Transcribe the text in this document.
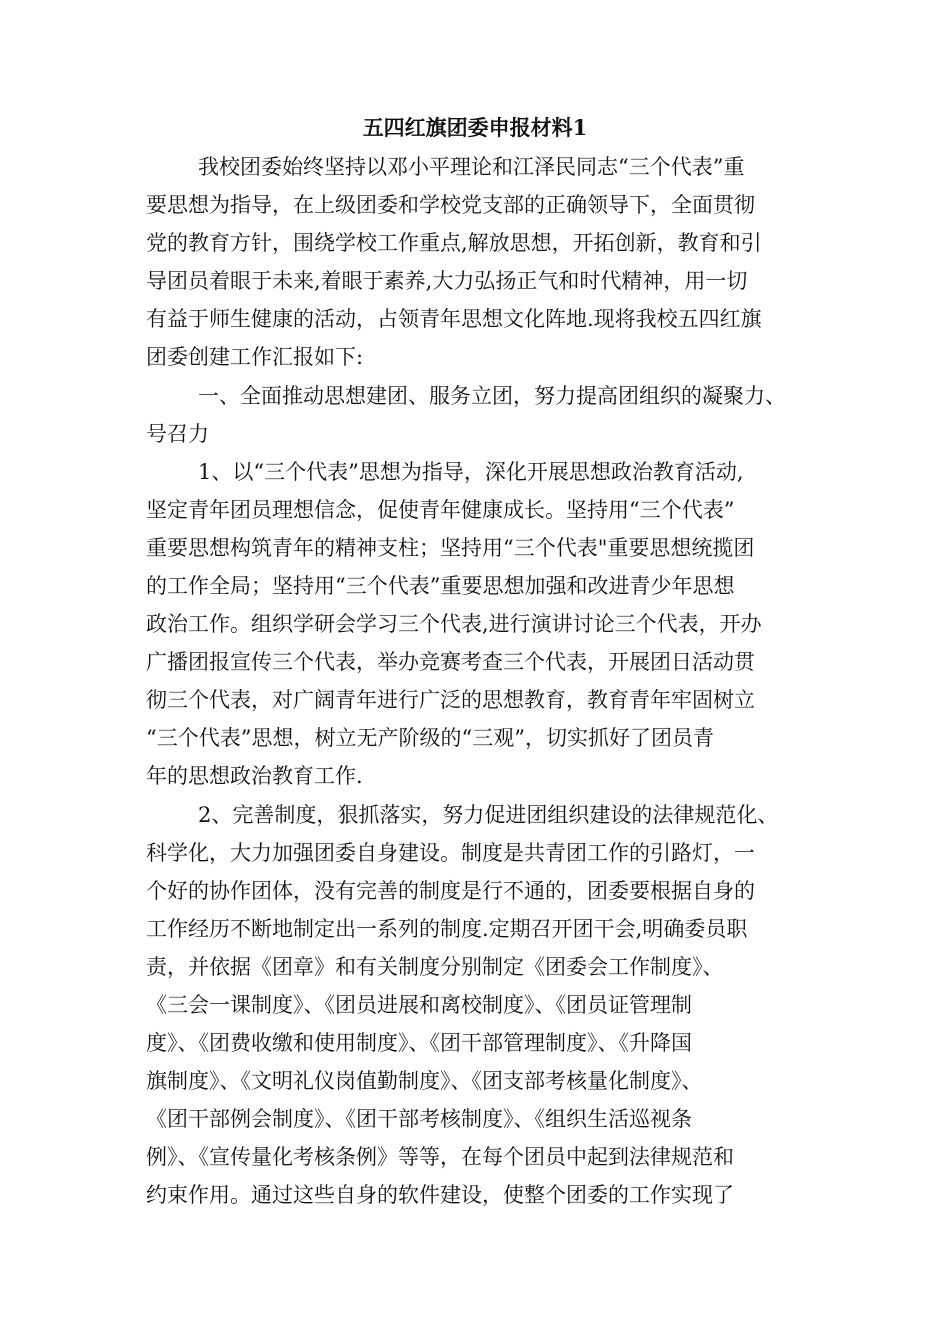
五四红旗团委申报材料1
我校团委始终坚持以邓小平理论和江泽民同志“三个代表”重
要思想为指导，在上级团委和学校党支部的正确领导下，全面贯彻
党的教育方针，围绕学校工作重点,解放思想，开拓创新，教育和引
导团员着眼于未来,着眼于素养,大力弘扬正气和时代精神，用一切
有益于师生健康的活动，占领青年思想文化阵地.现将我校五四红旗
团委创建工作汇报如下:
一、全面推动思想建团、服务立团，努力提高团组织的凝聚力、
号召力
1、以“三个代表”思想为指导，深化开展思想政治教育活动,
坚定青年团员理想信念，促使青年健康成长。坚持用“三个代表”
重要思想构筑青年的精神支柱；坚持用“三个代表"重要思想统揽团
的工作全局；坚持用“三个代表”重要思想加强和改进青少年思想
政治工作。组织学研会学习三个代表,进行演讲讨论三个代表，开办
广播团报宣传三个代表，举办竞赛考查三个代表，开展团日活动贯
彻三个代表，对广阔青年进行广泛的思想教育，教育青年牢固树立
“三个代表”思想，树立无产阶级的“三观”，切实抓好了团员青
年的思想政治教育工作.
2、完善制度，狠抓落实，努力促进团组织建设的法律规范化、
科学化，大力加强团委自身建设。制度是共青团工作的引路灯，一
个好的协作团体，没有完善的制度是行不通的，团委要根据自身的
工作经历不断地制定出一系列的制度.定期召开团干会,明确委员职
责，并依据《团章》和有关制度分别制定《团委会工作制度》、
《三会一课制度》、《团员进展和离校制度》、《团员证管理制
度》、《团费收缴和使用制度》、《团干部管理制度》、《升降国
旗制度》、《文明礼仪岗值勤制度》、《团支部考核量化制度》、
《团干部例会制度》、《团干部考核制度》、《组织生活巡视条
例》、《宣传量化考核条例》等等，在每个团员中起到法律规范和
约束作用。通过这些自身的软件建设，使整个团委的工作实现了
